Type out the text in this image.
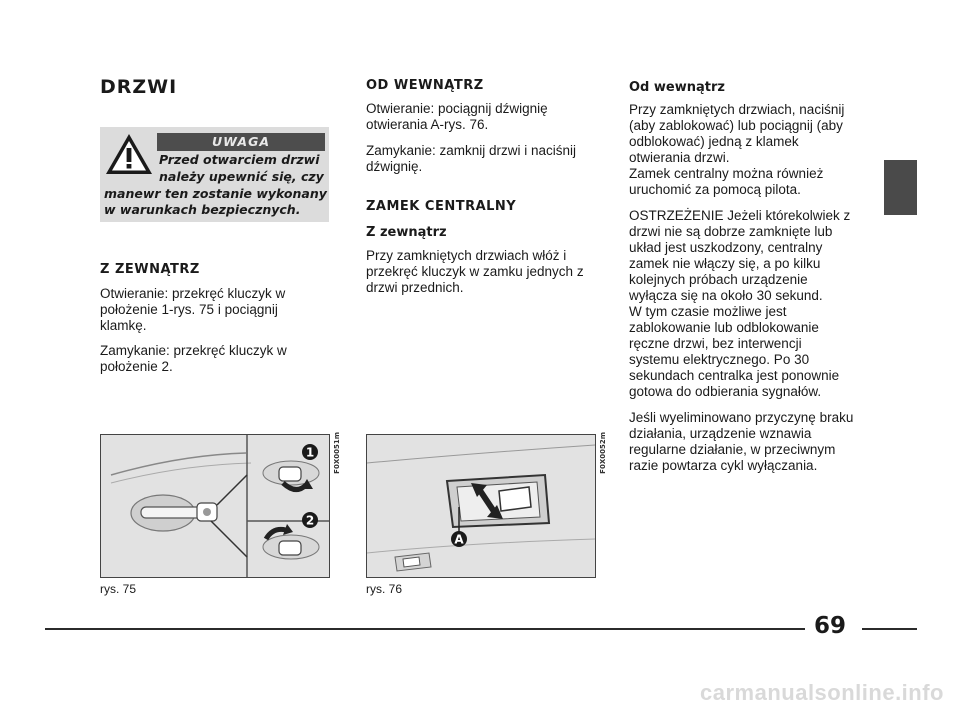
DRZWI
UWAGA
Przed otwarciem drzwi
należy upewnić się, czy
manewr ten zostanie wykonany
w warunkach bezpiecznych.
Z ZEWNĄTRZ

Otwieranie: przekręć kluczyk w

położenie 1-rys. 75 i pociągnij

klamkę.

Zamykanie: przekręć kluczyk w

położenie 2.

OD WEWNĄTRZ

Otwieranie: pociągnij dźwignię

otwierania A-rys. 76.

Zamykanie: zamknij drzwi i naciśnij

dźwignię.

ZAMEK CENTRALNY
Z zewnątrz

Przy zamkniętych drzwiach włóż i

przekręć kluczyk w zamku jednych z

drzwi przednich.

Od wewnątrz

Przy zamkniętych drzwiach, naciśnij

(aby zablokować) lub pociągnij (aby

odblokować) jedną z klamek

otwierania drzwi.

Zamek centralny można również

uruchomić za pomocą pilota.

OSTRZEŻENIE Jeżeli którekolwiek z

drzwi nie są dobrze zamknięte lub

układ jest uszkodzony, centralny

zamek nie włączy się, a po kilku

kolejnych próbach urządzenie

wyłącza się na około 30 sekund.

W tym czasie możliwe jest

zablokowanie lub odblokowanie

ręczne drzwi, bez interwencji

systemu elektrycznego. Po 30

sekundach centralka jest ponownie

gotowa do odbierania sygnałów.

Jeśli wyeliminowano przyczynę braku

działania, urządzenie wznawia

regularne działanie, w przeciwnym

razie powtarza cykl wyłączania.

1
2
F0X0051m
rys. 75
A
F0X0052m
rys. 76
69
carmanualsonline.info
